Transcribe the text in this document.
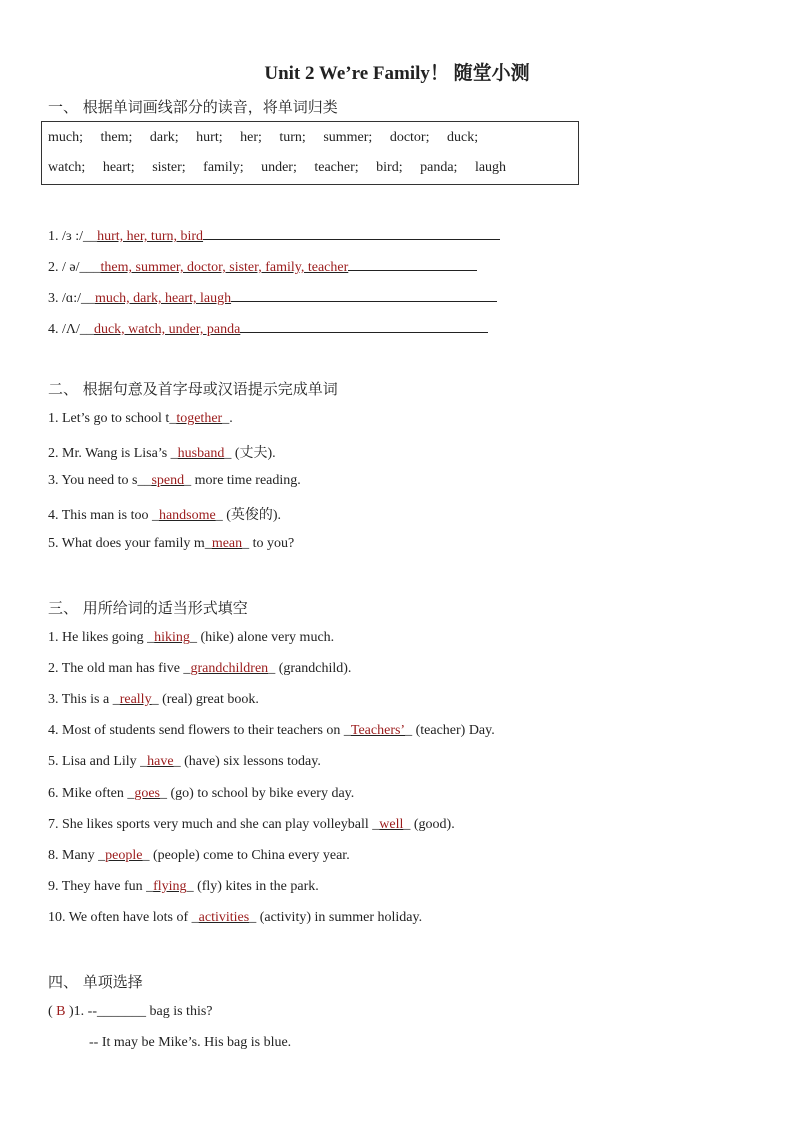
Unit 2 We’re Family！ 随堂小测
一、 根据单词画线部分的读音，将单词归类
much; them; dark; hurt; her; turn; summer; doctor; duck;
watch; heart; sister; family; under; teacher; bird; panda; laugh
1. /ɜ :/__hurt, her, turn, bird
2. / ə/___them, summer, doctor, sister, family, teacher
3. /ɑ:/__much, dark, heart, laugh
4. /Λ/__duck, watch, under, panda
二、 根据句意及首字母或汉语提示完成单词
1. Let’s go to school t_together_.
2. Mr. Wang is Lisa’s _husband_ (丈夫).
3. You need to s__spend_ more time reading.
4. This man is too _handsome_ (英俊的).
5. What does your family m_mean_ to you?
三、 用所给词的适当形式填空
1. He likes going _hiking_ (hike) alone very much.
2. The old man has five _grandchildren_ (grandchild).
3. This is a _really_ (real) great book.
4. Most of students send flowers to their teachers on _Teachers’_ (teacher) Day.
5. Lisa and Lily _have_ (have) six lessons today.
6. Mike often _goes_ (go) to school by bike every day.
7. She likes sports very much and she can play volleyball _well_ (good).
8. Many _people_ (people) come to China every year.
9. They have fun _flying_ (fly) kites in the park.
10. We often have lots of _activities_ (activity) in summer holiday.
四、 单项选择
( B )1. --_______ bag is this?
-- It may be Mike’s. His bag is blue.
